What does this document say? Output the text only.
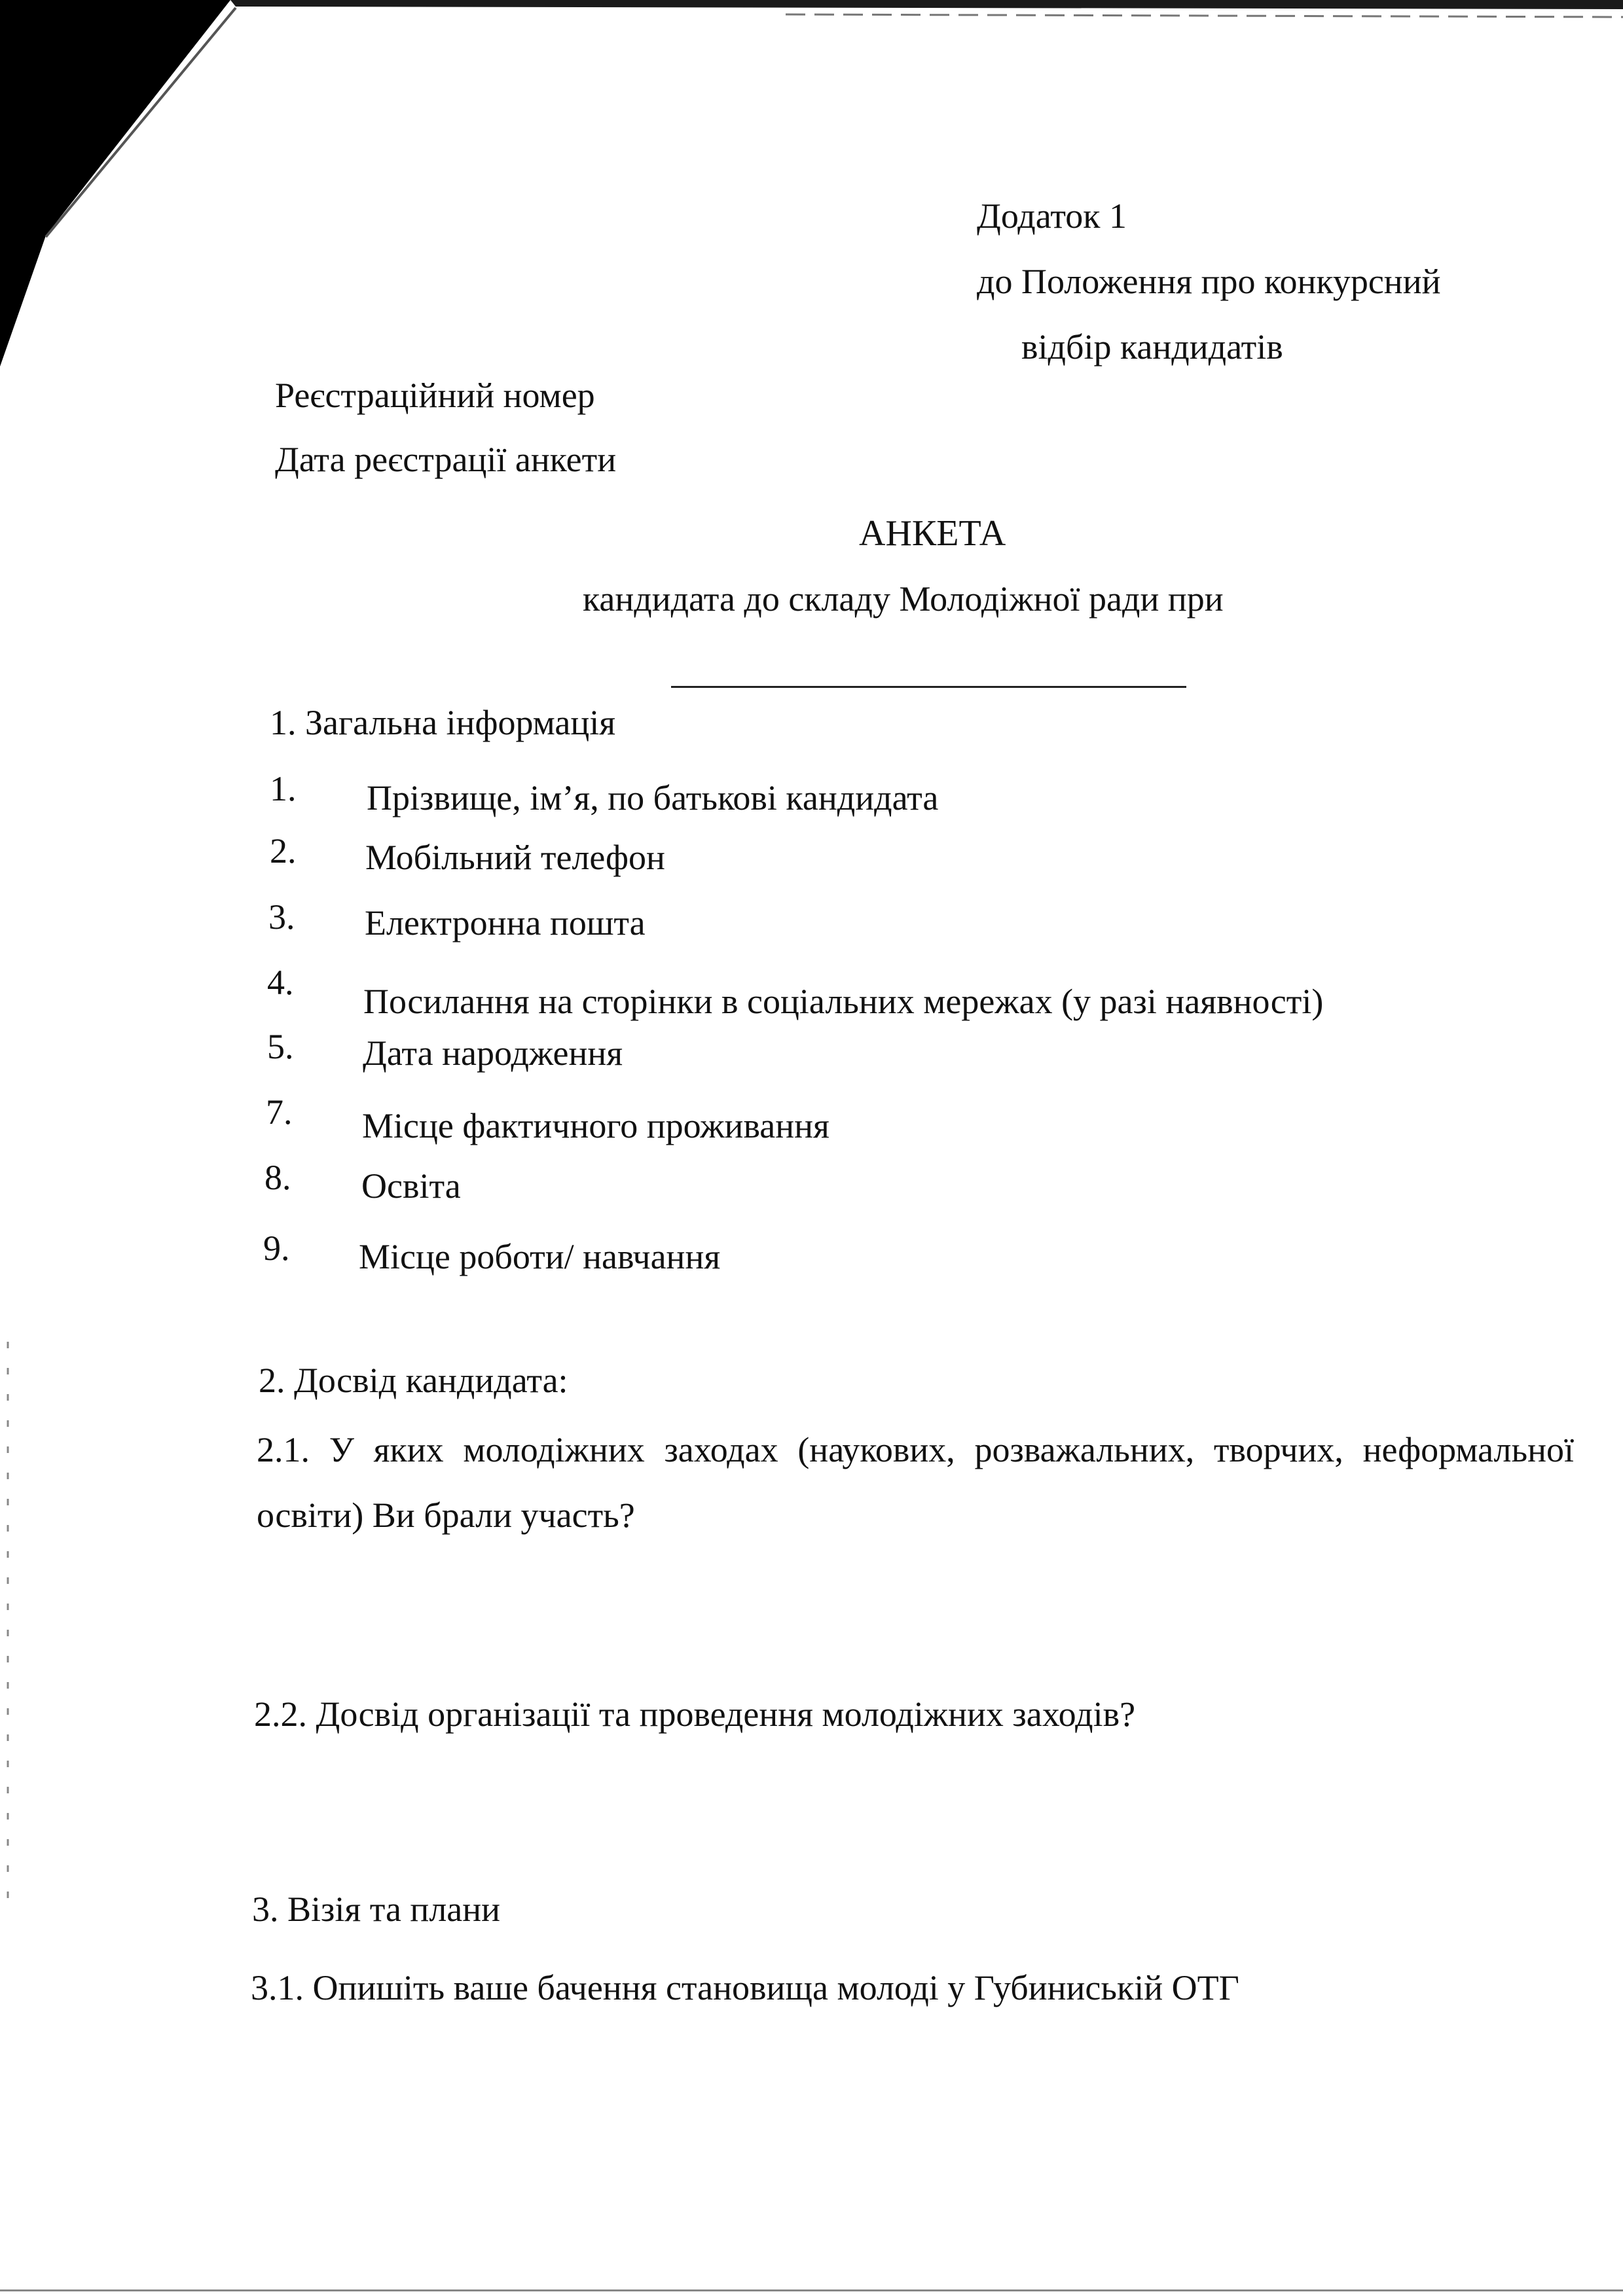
Додаток 1
до Положення про конкурсний
відбір кандидатів
Реєстраційний номер
Дата реєстрації анкети
АНКЕТА
кандидата до складу Молодіжної ради при
1. Загальна інформація
1. Прізвище, ім’я, по батькові кандидата
2. Мобільний телефон
3. Електронна пошта
4. Посилання на сторінки в соціальних мережах (у разі наявності)
5. Дата народження
7. Місце фактичного проживання
8. Освіта
9. Місце роботи/ навчання
2. Досвід кандидата:
2.1. У яких молодіжних заходах (наукових, розважальних, творчих, неформальної освіти) Ви брали участь?
2.2. Досвід організації та проведення молодіжних заходів?
3. Візія та плани
3.1. Опишіть ваше бачення становища молоді у Губиниській ОТГ
